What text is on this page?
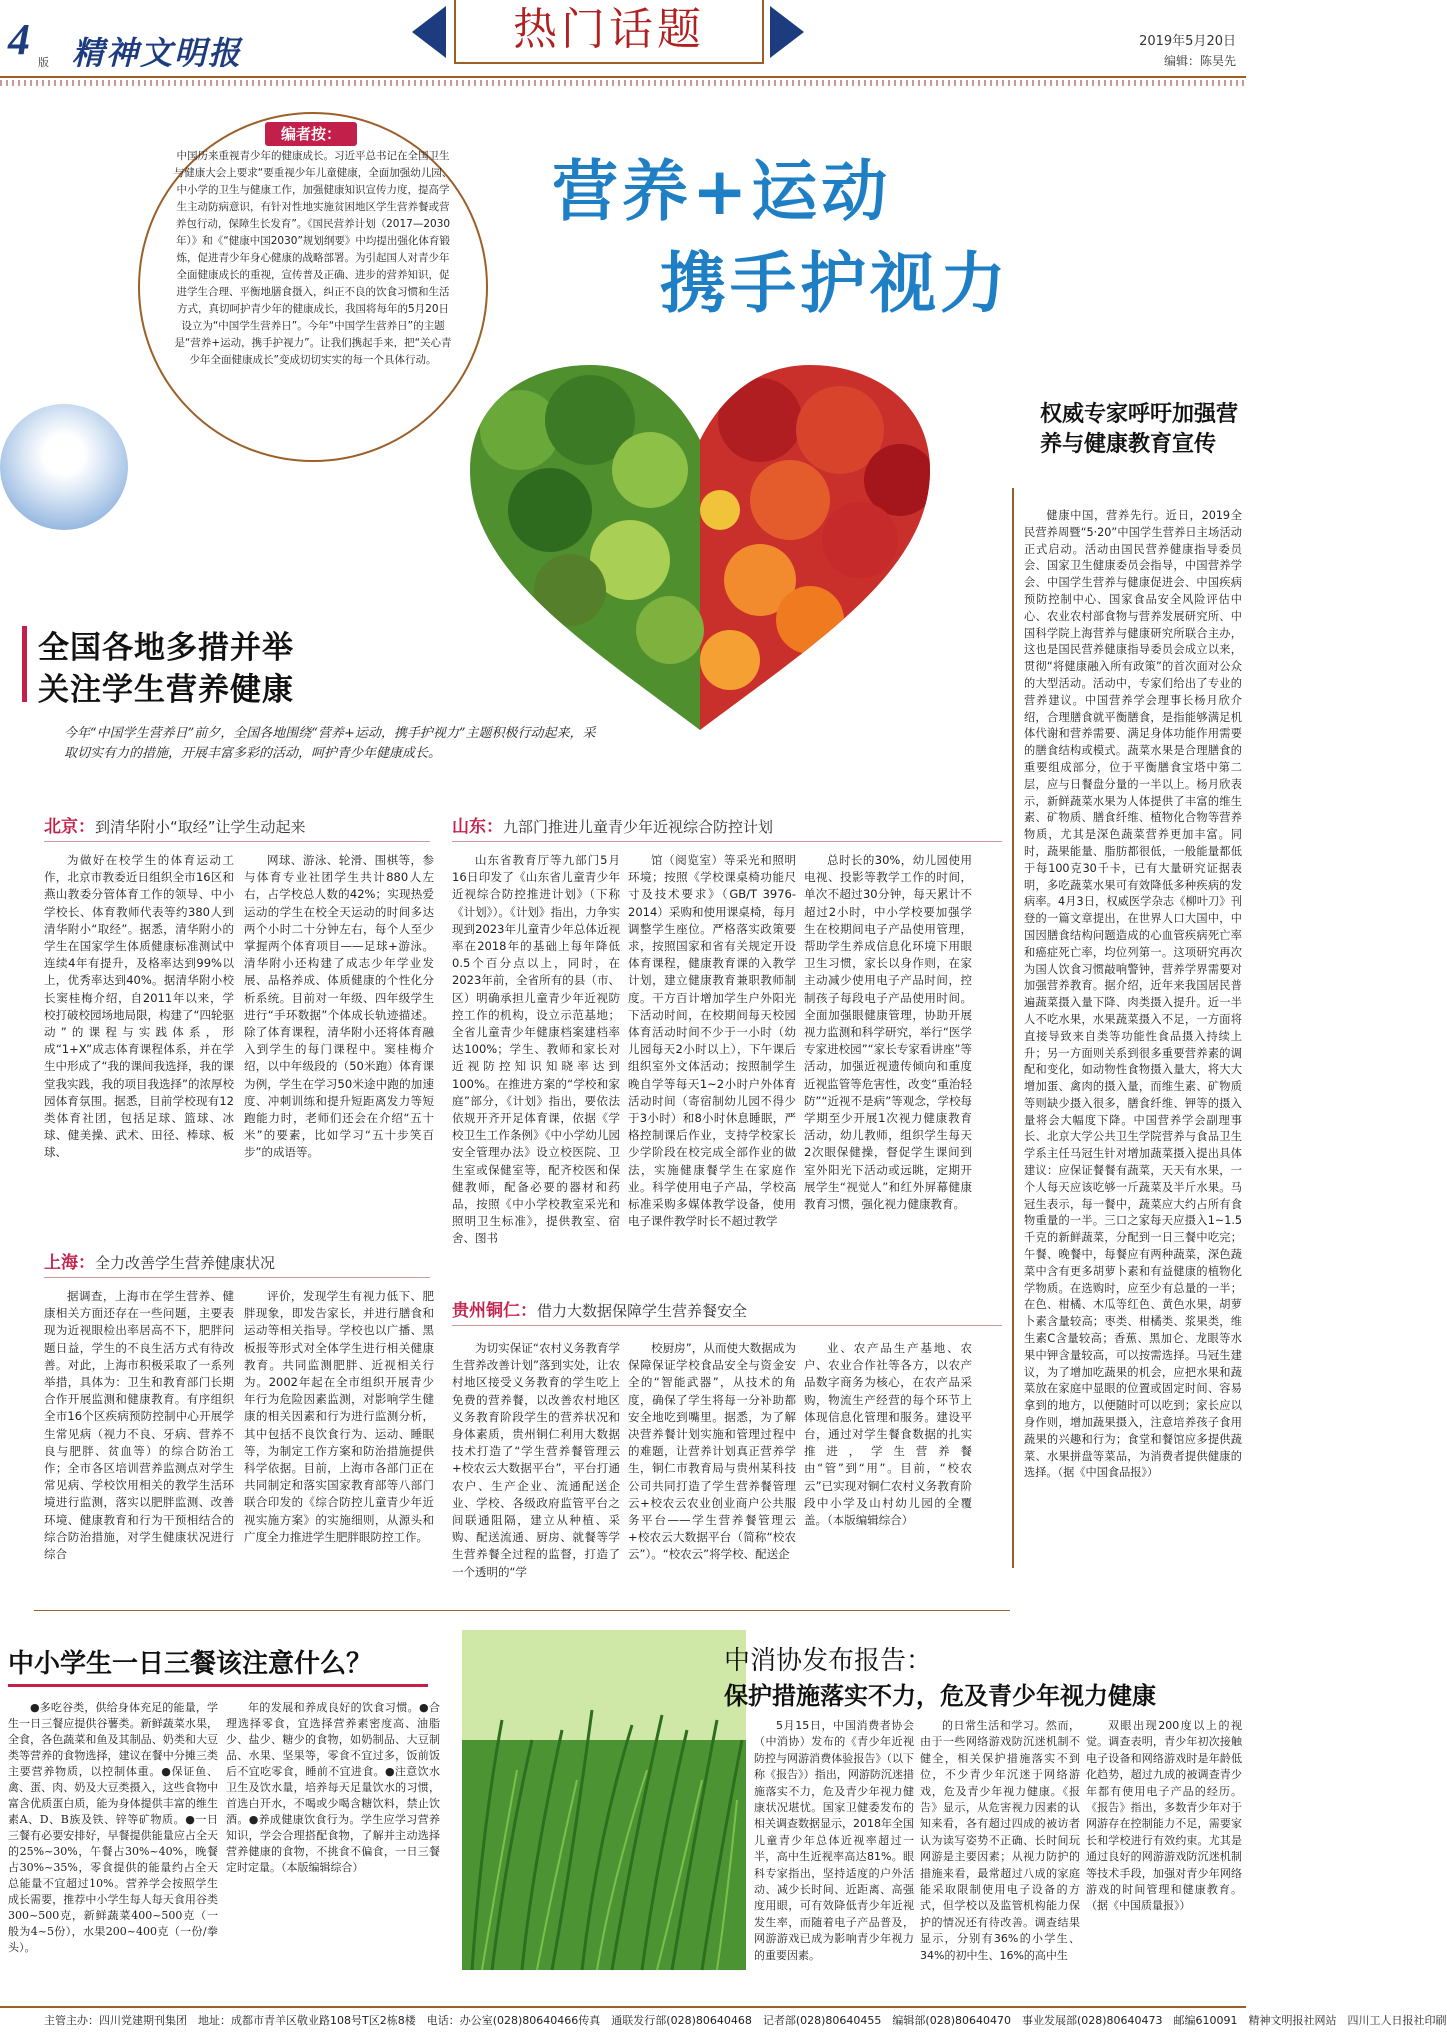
4 版 精神文明报	热门话题	2019年5月20日
编辑：陈昊先
编者按：
中国历来重视青少年的健康成长。习近平总书记在全国卫生与健康大会上要求“要重视少年儿童健康，全面加强幼儿园、中小学的卫生与健康工作，加强健康知识宣传力度，提高学生主动防病意识，有针对性地实施贫困地区学生营养餐或营养包行动，保障生长发育”。《国民营养计划（2017—2030年）》和《“健康中国2030”规划纲要》中均提出强化体育锻炼，促进青少年身心健康的战略部署。为引起国人对青少年全面健康成长的重视，宣传普及正确、进步的营养知识，促进学生合理、平衡地膳食摄入，纠正不良的饮食习惯和生活方式，真切呵护青少年的健康成长，我国将每年的5月20日设立为“中国学生营养日”。今年“中国学生营养日”的主题是“营养+运动，携手护视力”。让我们携起手来，把“关心青少年全面健康成长”变成切切实实的每一个具体行动。
营养+运动
携手护视力
全国各地多措并举
关注学生营养健康
今年“中国学生营养日”前夕，全国各地围绕“营养+运动，携手护视力”主题积极行动起来，采取切实有力的措施，开展丰富多彩的活动，呵护青少年健康成长。
权威专家呼吁加强营养与健康教育宣传
健康中国，营养先行。近日，2019全民营养周暨“5·20”中国学生营养日主场活动正式启动。活动由国民营养健康指导委员会、国家卫生健康委员会指导，中国营养学会、中国学生营养与健康促进会、中国疾病预防控制中心、国家食品安全风险评估中心、农业农村部食物与营养发展研究所、中国科学院上海营养与健康研究所联合主办，这也是国民营养健康指导委员会成立以来，贯彻“将健康融入所有政策”的首次面对公众的大型活动。活动中，专家们给出了专业的营养建议。中国营养学会理事长杨月欣介绍，合理膳食就平衡膳食，是指能够满足机体代谢和营养需要、满足身体功能作用需要的膳食结构或模式。蔬菜水果是合理膳食的重要组成部分，位于平衡膳食宝塔中第二层，应与日餐盘分量的一半以上。杨月欣表示，新鲜蔬菜水果为人体提供了丰富的维生素、矿物质、膳食纤维、植物化合物等营养物质，尤其是深色蔬菜营养更加丰富。同时，蔬果能量、脂肪都很低，一般能量都低于每100克30千卡，已有大量研究证据表明，多吃蔬菜水果可有效降低多种疾病的发病率。4月3日，权威医学杂志《柳叶刀》刊登的一篇文章提出，在世界人口大国中，中国因膳食结构问题造成的心血管疾病死亡率和癌症死亡率，均位列第一。这项研究再次为国人饮食习惯敲响警钟，营养学界需要对加强营养教育。据介绍，近年来我国居民普遍蔬菜摄入量下降、肉类摄入提升。近一半人不吃水果，水果蔬菜摄入不足，一方面将直接导致来自类等功能性食品摄入持续上升；另一方面则关系到很多重要营养素的调配和变化，如动物性食物摄入量大，将大大增加蛋、禽肉的摄入量，而维生素、矿物质等则缺少摄入很多，膳食纤维、钾等的摄入量将会大幅度下降。中国营养学会副理事长、北京大学公共卫生学院营养与食品卫生学系主任马冠生针对增加蔬菜摄入提出具体建议：应保证餐餐有蔬菜，天天有水果，一个人每天应该吃够一斤蔬菜及半斤水果。马冠生表示，每一餐中，蔬菜应大约占所有食物重量的一半。三口之家每天应摄入1~1.5千克的新鲜蔬菜，分配到一日三餐中吃完；午餐、晚餐中，每餐应有两种蔬菜，深色蔬菜中含有更多胡萝卜素和有益健康的植物化学物质。在选购时，应至少有总量的一半；在色、柑橘、木瓜等红色、黄色水果，胡萝卜素含量较高；枣类、柑橘类、浆果类，维生素C含量较高；香蕉、黑加仑、龙眼等水果中钾含量较高，可以按需选择。马冠生建议，为了增加吃蔬果的机会，应把水果和蔬菜放在家庭中显眼的位置或固定时间、容易拿到的地方，以便随时可以吃到；家长应以身作则，增加蔬果摄入，注意培养孩子食用蔬果的兴趣和行为；食堂和餐馆应多提供蔬菜、水果拼盘等菜品，为消费者提供健康的选择。（据《中国食品报》）
北京：到清华附小“取经”让学生动起来
为做好在校学生的体育运动工作，北京市教委近日组织全市16区和燕山教委分管体育工作的领导、中小学校长、体育教师代表等约380人到清华附小“取经”。据悉，清华附小的学生在国家学生体质健康标准测试中连续4年有提升，及格率达到99%以上，优秀率达到40%。据清华附小校长窦桂梅介绍，自2011年以来，学校打破校园场地局限，构建了“四轮驱动”的课程与实践体系，形成“1+X”成志体育课程体系，并在学生中形成了“我的课间我选择，我的课堂我实践，我的项目我选择”的浓厚校园体育氛围。据悉，目前学校现有12类体育社团，包括足球、篮球、冰球、健美操、武术、田径、棒球、板球、
网球、游泳、轮滑、围棋等，参与体育专业社团学生共计880人左右，占学校总人数的42%；实现热爱运动的学生在校全天运动的时间多达两个小时二十分钟左右，每个人至少掌握两个体育项目——足球+游泳。清华附小还构建了成志少年学业发展、品格养成、体质健康的个性化分析系统。目前对一年级、四年级学生进行“手环数据”个体成长轨迹描述。除了体育课程，清华附小还将体育融入到学生的每门课程中。窦桂梅介绍，以中年级段的（50米跑）体育课为例，学生在学习50米途中跑的加速度、冲刺训练和提升短距离发力等短跑能力时，老师们还会在介绍“五十米”的要素，比如学习“五十步笑百步”的成语等。
山东：九部门推进儿童青少年近视综合防控计划
山东省教育厅等九部门5月16日印发了《山东省儿童青少年近视综合防控推进计划》（下称《计划》）。《计划》指出，力争实现到2023年儿童青少年总体近视率在2018年的基础上每年降低0.5个百分点以上，同时，在2023年前，全省所有的县（市、区）明确承担儿童青少年近视防控工作的机构，设立示范基地；全省儿童青少年健康档案建档率达100%；学生、教师和家长对近视防控知识知晓率达到100%。在推进方案的“学校和家庭”部分，《计划》指出，要依法依规开齐开足体育课，依据《学校卫生工作条例》《中小学幼儿园安全管理办法》设立校医院、卫生室或保健室等，配齐校医和保健教师，配备必要的器材和药品，按照《中小学校教室采光和照明卫生标准》，提供教室、宿舍、图书
馆（阅览室）等采光和照明环境；按照《学校课桌椅功能尺寸及技术要求》（GB/T 3976-2014）采购和使用课桌椅，每月调整学生座位。严格落实政策要求，按照国家和省有关规定开设体育课程，健康教育课的入教学计划，建立健康教育兼职教师制度。干方百计增加学生户外阳光下活动时间，在校期间每天校园体育活动时间不少于一小时（幼儿园每天2小时以上），下午课后组织室外文体活动；按照制学生晚自学等每天1~2小时户外体育活动时间（寄宿制幼儿园不得少于3小时）和8小时休息睡眠，严格控制课后作业，支持学校家长少学阶段在校完成全部作业的做法，实施健康餐学生在家庭作业。科学使用电子产品，学校高标准采购多媒体教学设备，使用电子课件教学时长不超过教学
总时长的30%，幼儿园使用电视、投影等教学工作的时间，单次不超过30分钟，每天累计不超过2小时，中小学校要加强学生在校期间电子产品使用管理，帮助学生养成信息化环境下用眼卫生习惯，家长以身作则，在家主动减少使用电子产品时间，控制孩子每段电子产品使用时间。全面加强眼健康管理，协助开展视力监测和科学研究，举行“医学专家进校园”“家长专家看讲座”等活动，加强近视遗传倾向和重度近视监管等危害性，改变“重治轻防”“近视不是病”等观念，学校每学期至少开展1次视力健康教育活动，幼儿教师，组织学生每天2次眼保健操，督促学生课间到室外阳光下活动或远眺，定期开展学生“视觉人”和红外屏幕健康教育习惯，强化视力健康教育。
上海：全力改善学生营养健康状况
据调查，上海市在学生营养、健康相关方面还存在一些问题，主要表现为近视眼检出率居高不下，肥胖问题日益，学生的不良生活方式有待改善。对此，上海市积极采取了一系列举措，具体为：卫生和教育部门长期合作开展监测和健康教育。有序组织全市16个区疾病预防控制中心开展学生常见病（视力不良、牙病、营养不良与肥胖、贫血等）的综合防治工作；全市各区培训营养监测点对学生常见病、学校饮用相关的教学生活环境进行监测，落实以肥胖监测、改善环境、健康教育和行为干预相结合的综合防治措施，对学生健康状况进行综合
评价，发现学生有视力低下、肥胖现象，即发告家长，并进行膳食和运动等相关指导。学校也以广播、黑板报等形式对全体学生进行相关健康教育。共同监测肥胖、近视相关行为。2002年起在全市组织开展青少年行为危险因素监测，对影响学生健康的相关因素和行为进行监测分析，其中包括不良饮食行为、运动、睡眠等，为制定工作方案和防治措施提供科学依据。目前，上海市各部门正在共同制定和落实国家教育部等八部门联合印发的《综合防控儿童青少年近视实施方案》的实施细则，从源头和广度全力推进学生肥胖眼防控工作。
贵州铜仁：借力大数据保障学生营养餐安全
为切实保证“农村义务教育学生营养改善计划”落到实处，让农村地区接受义务教育的学生吃上免费的营养餐，以改善农村地区义务教育阶段学生的营养状况和身体素质，贵州铜仁利用大数据技术打造了“学生营养餐管理云+校农云大数据平台”，平台打通农户、生产企业、流通配送企业、学校、各级政府监管平台之间联通阻隔，建立从种植、采购、配送流通、厨房、就餐等学生营养餐全过程的监督，打造了一个透明的“学
校厨房”，从而使大数据成为保障保证学校食品安全与资金安全的“智能武器”，从技术的角度，确保了学生将每一分补助都安全地吃到嘴里。据悉，为了解决营养餐计划实施和管理过程中的难题，让营养计划真正营养学生，铜仁市教育局与贵州某科技公司共同打造了学生营养餐管理云+校农云农业创业商户公共服务平台——学生营养餐管理云+校农云大数据平台（简称“校农云”）。“校农云”将学校、配送企
业、农产品生产基地、农户、农业合作社等各方，以农产品数字商务为核心，在农产品采购，物流生产经营的每个环节上体现信息化管理和服务。建设平台，通过对学生餐食数据的扎实推进，学生营养餐由“管”到“用”。目前，“校农云”已实现对铜仁农村义务教育阶段中小学及山村幼儿园的全覆盖。（本版编辑综合）
中小学生一日三餐该注意什么？
●多吃谷类，供给身体充足的能量，学生一日三餐应提供谷薯类。新鲜蔬菜水果，全食，各色蔬菜和鱼及其制品、奶类和大豆类等营养的食物选择，建议在餐中分摊三类主要营养物质，以控制体重。●保证鱼、禽、蛋、肉、奶及大豆类摄入，这些食物中富含优质蛋白质，能为身体提供丰富的维生素A、D、B族及铁、锌等矿物质。●一日三餐有必要安排好，早餐提供能量应占全天的25%~30%，午餐占30%~40%，晚餐占30%~35%，零食提供的能量约占全天总能量不宜超过10%。营养学会按照学生成长需要，推荐中小学生每人每天食用谷类300~500克，新鲜蔬菜400~500克（一般为4~5份），水果200~400克（一份/拳头）。
年的发展和养成良好的饮食习惯。●合理选择零食，宜选择营养素密度高、油脂少、盐少、糖少的食物，如奶制品、大豆制品、水果、坚果等，零食不宜过多，饭前饭后不宜吃零食，睡前不宜进食。●注意饮水卫生及饮水量，培养每天足量饮水的习惯，首选白开水，不喝或少喝含糖饮料，禁止饮酒。●养成健康饮食行为。学生应学习营养知识，学会合理搭配食物，了解并主动选择营养健康的食物，不挑食不偏食，一日三餐定时定量。（本版编辑综合）
中消协发布报告：
保护措施落实不力，危及青少年视力健康
5月15日，中国消费者协会（中消协）发布的《青少年近视防控与网游消费体验报告》（以下称《报告》）指出，网游防沉迷措施落实不力，危及青少年视力健康状况堪忧。国家卫健委发布的相关调查数据显示，2018年全国儿童青少年总体近视率超过一半，高中生近视率高达81%。眼科专家指出，坚持适度的户外活动、减少长时间、近距离、高强度用眼，可有效降低青少年近视发生率，而随着电子产品普及，网游游戏已成为影响青少年视力的重要因素。
的日常生活和学习。然而，由于一些网络游戏防沉迷机制不健全，相关保护措施落实不到位，不少青少年沉迷于网络游戏，危及青少年视力健康。《报告》显示，从危害视力因素的认知来看，各有超过四成的被访者认为读写姿势不正确、长时间玩网游是主要因素；从视力防护的措施来看，最常超过八成的家庭能采取限制使用电子设备的方式，但学校以及监管机构能力保护的情况还有待改善。调查结果显示，分别有36%的小学生、34%的初中生、16%的高中生
双眼出现200度以上的视觉。调查表明，青少年初次接触电子设备和网络游戏时是年龄低化趋势，超过九成的被调查青少年都有使用电子产品的经历。《报告》指出，多数青少年对于网游存在控制能力不足，需要家长和学校进行有效约束。尤其是通过良好的网游游戏防沉迷机制等技术手段，加强对青少年网络游戏的时间管理和健康教育。（据《中国质量报》）
主管主办：四川党建期刊集团　地址：成都市青羊区敬业路108号T区2栋8楼　电话：办公室(028)80640466传真　通联发行部(028)80640468　记者部(028)80640455　编辑部(028)80640470　事业发展部(028)80640473　邮编610091　精神文明报社网站　四川工人日报社印刷
